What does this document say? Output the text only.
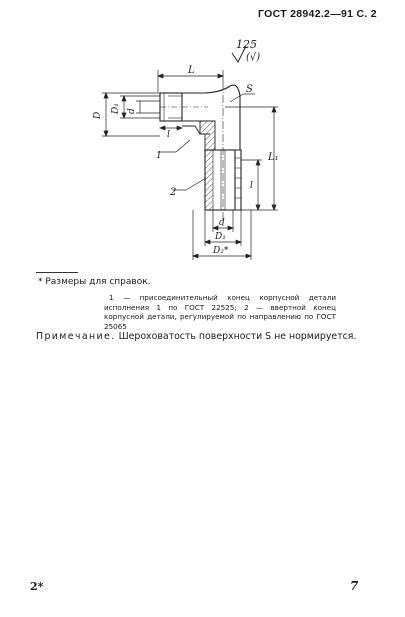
ГОСТ 28942.2—91 С. 2
125
(√)
L
D
D₁ d
l
S
1
2
l
L₁
d
D₁
D₂*
* Размеры для справок.
1 — присоединительный конец корпусной детали исполнения 1 по ГОСТ 22525; 2 — ввертной конец корпусной детали, регулируемой по направлению по ГОСТ 25065
Примечание. Шероховатость поверхности S не нормируется.
2*	7
